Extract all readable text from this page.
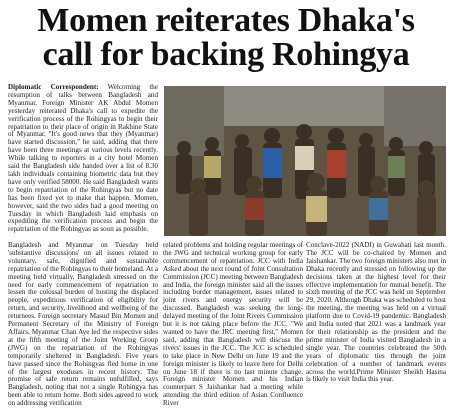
Momen reiterates Dhaka's
call for backing Rohingya

Diplomatic Correspondent: Welcoming the resumption of talks between Bangladesh and Myanmar, Foreign Minister AK Abdul Momen yesterday reiterated Dhaka's call to expedite the verification process of the Rohingyas to begin their repatriation to their place of origin in Rakhine State of Myanmar. "It's good news that they (Myanmar) have started discussion," he said, adding that there have been three meetings at various levels recently. While talking to reporters in a city hotel Momen said the Bangladesh side handed over a list of 8.30 lakh individuals containing biometric data but they have only verified 58000. He said Bangladesh wants to begin repatriation of the Rohingyas but no date has been fixed yet to make that happen. Momen, however, said the two sides had a good meeting on Tuesday in which Bangladesh laid emphasis on expediting the verification process and begin the repatriation of the Rohingyas as soon as possible.

Bangladesh and Myanmar on Tuesday held 'substantive discussions' on all issues related to voluntary, safe, dignified and sustainable repatriation of the Rohingyas to their homeland. At a meeting held virtually, Bangladesh stressed on the need for early commencement of repatriation to lessen the colossal burden of hosting the displaced people, expeditious verification of eligibility for return, and security, livelihood and wellbeing of the returnees. Foreign secretary Masud Bin Momen and Permanent Secretary of the Ministry of Foreign Affairs, Myanmar Chan Aye led the respective sides at the fifth meeting of the Joint Working Group (JWG) on the repatriation of the Rohingyas temporarily sheltered in Bangladesh. Five years have passed since the Rohingyas fled home in one of the largest exoduses in recent history. The promise of safe return remains unfulfilled, says Bangladesh, noting that not a single Rohingya has been able to return home. Both sides agreed to work on addressing verification

related problems and holding regular meetings of the JWG and technical working group for early commencement of repatriation. JCC with India Asked about the next round of Joint Consultation Commission (JCC) meeting between Bangladesh and India, the foreign minister said all the issues including border management, issues related to joint rivers and energy security will be discussed. Bangladesh was seeking the long-delayed meeting of the Joint Rivers Commission but it is not taking place before the JCC. "We wanted to have the JRC meeting first," Momen said, adding that Bangladesh will discuss the rivers' issues in the JCC. The JCC is scheduled to take place in New Delhi on June 19 and the foreign minister is likely to leave here for Delhi on June 18 if there is no last minute change. Foreign minister Momen and his Indian counterpart S Jaishankar had a meeting while attending the third edition of Asian Confluence River

Conclave-2022 (NADI) in Guwahati last month. The JCC will be co-chaired by Momen and Jaishankar. The two foreign ministers also met in Dhaka recently and stressed on following up the decisions taken at the highest level for their effective implementation for mutual benefit. The sixth meeting of the JCC was held on September 29, 2020. Although Dhaka was scheduled to host the meeting, the meeting was held on a virtual platform due to Covid-19 pandemic. Bangladesh and India noted that 2021 was a landmark year for their relationship as the president and the prime minister of India visited Bangladesh in a single year. The countries celebrated the 50th years of diplomatic ties through the joint celebration of a number of landmark events across the world.Prime Minister Sheikh Hasina is likely to visit India this year.
